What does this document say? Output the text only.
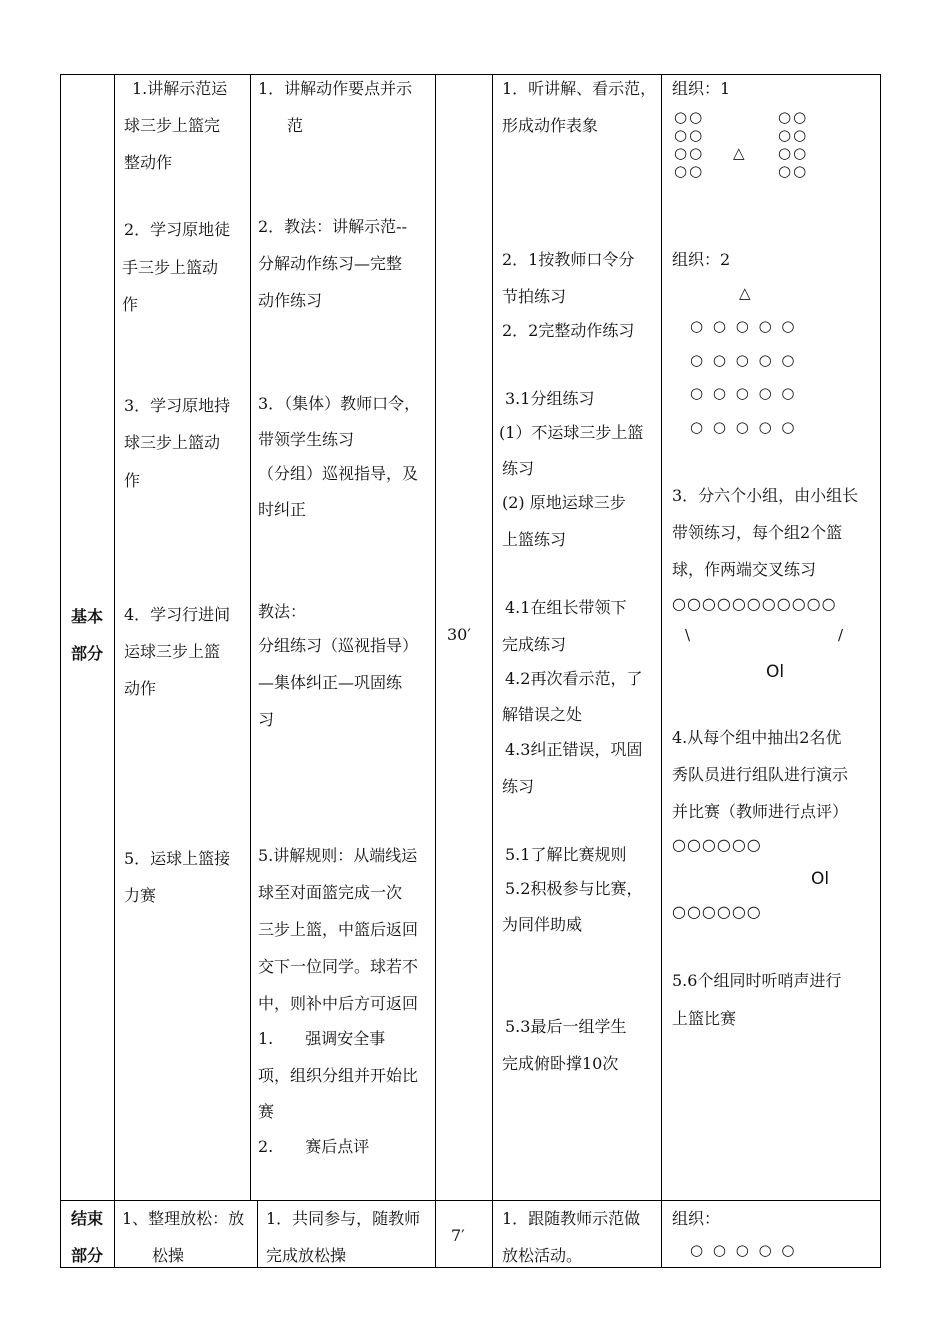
基本
部分
结束
部分
1.讲解示范运
球三步上篮完
整动作
2．学习原地徒
手三步上篮动
作
3．学习原地持
球三步上篮动
作
4．学习行进间
运球三步上篮
动作
5．运球上篮接
力赛
1．讲解动作要点并示
范
2．教法：讲解示范--
分解动作练习—完整
动作练习
3．（集体）教师口令，
带领学生练习
（分组）巡视指导，及
时纠正
教法：
分组练习（巡视指导）
—集体纠正—巩固练
习
5.讲解规则：从端线运
球至对面篮完成一次
三步上篮，中篮后返回
交下一位同学。球若不
中，则补中后方可返回
1.　　强调安全事
项，组织分组并开始比
赛
2.　　赛后点评
30′
1．听讲解、看示范，
形成动作表象
2．1按教师口令分
节拍练习
2．2完整动作练习
3.1分组练习
(1）不运球三步上篮
练习
(2) 原地运球三步
上篮练习
4.1在组长带领下
完成练习
4.2再次看示范，了
解错误之处
4.3纠正错误，巩固
练习
5.1了解比赛规则
5.2积极参与比赛，
为同伴助威
5.3最后一组学生
完成俯卧撑10次
组织：1
○○
○○
○○
○○
△
○○
○○
○○
○○
组织：2
△
○ ○ ○ ○ ○
○ ○ ○ ○ ○
○ ○ ○ ○ ○
○ ○ ○ ○ ○
3．分六个小组，由小组长
带领练习，每个组2个篮
球，作两端交叉练习
○○○○○○○○○○○
\	/
Ol
4.从每个组中抽出2名优
秀队员进行组队进行演示
并比赛（教师进行点评）
○○○○○○
Ol
○○○○○○
5.6个组同时听哨声进行
上篮比赛
1、整理放松：放
松操
1．共同参与，随教师
完成放松操
7′
1．跟随教师示范做
放松活动。
组织：
○ ○ ○ ○ ○
